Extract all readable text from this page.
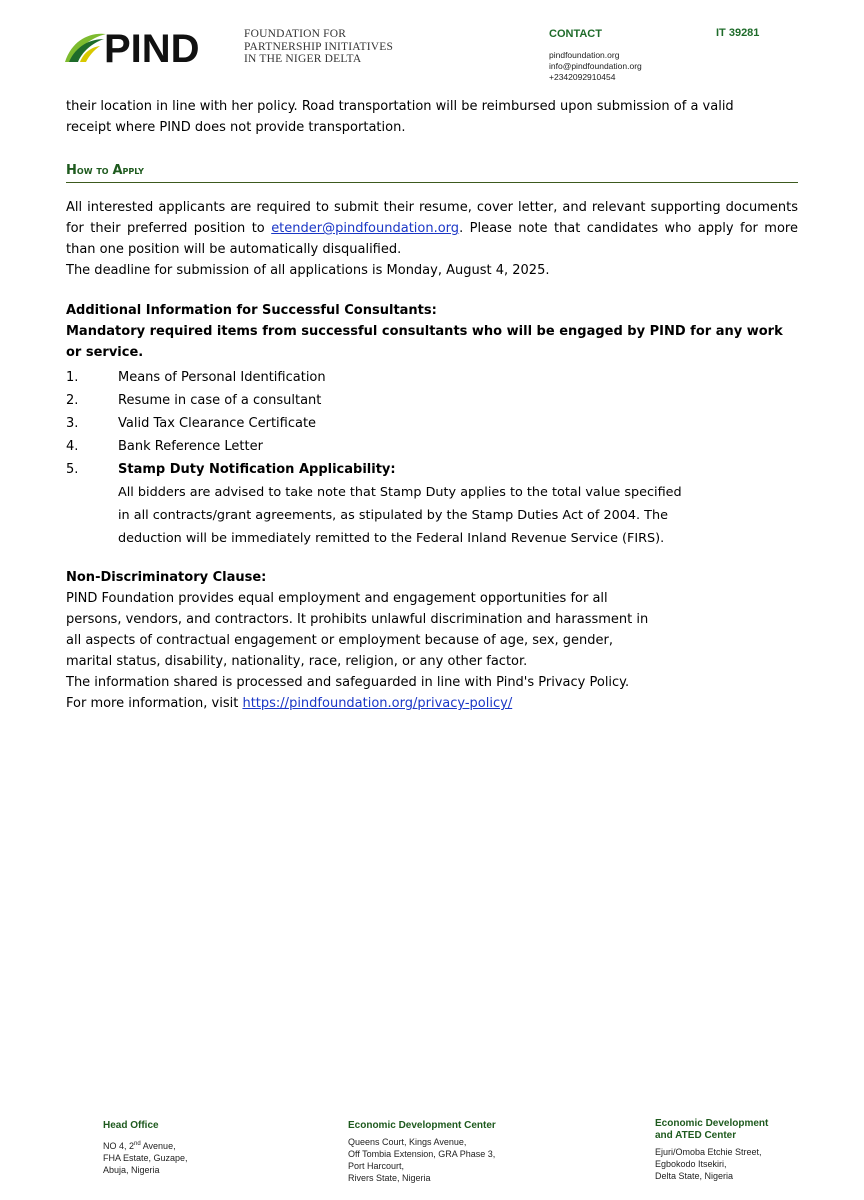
PIND	FOUNDATION FOR
PARTNERSHIP INITIATIVES
IN THE NIGER DELTA
CONTACT	IT 39281
pindfoundation.org
info@pindfoundation.org
+2342092910454
their location in line with her policy. Road transportation will be reimbursed upon submission of a valid
receipt where PIND does not provide transportation.
How to Apply
All interested applicants are required to submit their resume, cover letter, and relevant supporting documents for their preferred position to etender@pindfoundation.org. Please note that candidates who apply for more than one position will be automatically disqualified.
The deadline for submission of all applications is Monday, August 4, 2025.
Additional Information for Successful Consultants:
Mandatory required items from successful consultants who will be engaged by PIND for any work or service.
1.	Means of Personal Identification
2.	Resume in case of a consultant
3.	Valid Tax Clearance Certificate
4.	Bank Reference Letter
5.	Stamp Duty Notification Applicability:
All bidders are advised to take note that Stamp Duty applies to the total value specified
in all contracts/grant agreements, as stipulated by the Stamp Duties Act of 2004. The
deduction will be immediately remitted to the Federal Inland Revenue Service (FIRS).
Non-Discriminatory Clause:
PIND Foundation provides equal employment and engagement opportunities for all
persons, vendors, and contractors. It prohibits unlawful discrimination and harassment in
all aspects of contractual engagement or employment because of age, sex, gender,
marital status, disability, nationality, race, religion, or any other factor.
The information shared is processed and safeguarded in line with Pind's Privacy Policy.
For more information, visit https://pindfoundation.org/privacy-policy/
Head Office
NO 4, 2nd Avenue,
FHA Estate, Guzape,
Abuja, Nigeria
Economic Development Center
Queens Court, Kings Avenue,
Off Tombia Extension, GRA Phase 3,
Port Harcourt,
Rivers State, Nigeria
Economic Development
and ATED Center
Ejuri/Omoba Etchie Street,
Egbokodo Itsekiri,
Delta State, Nigeria
